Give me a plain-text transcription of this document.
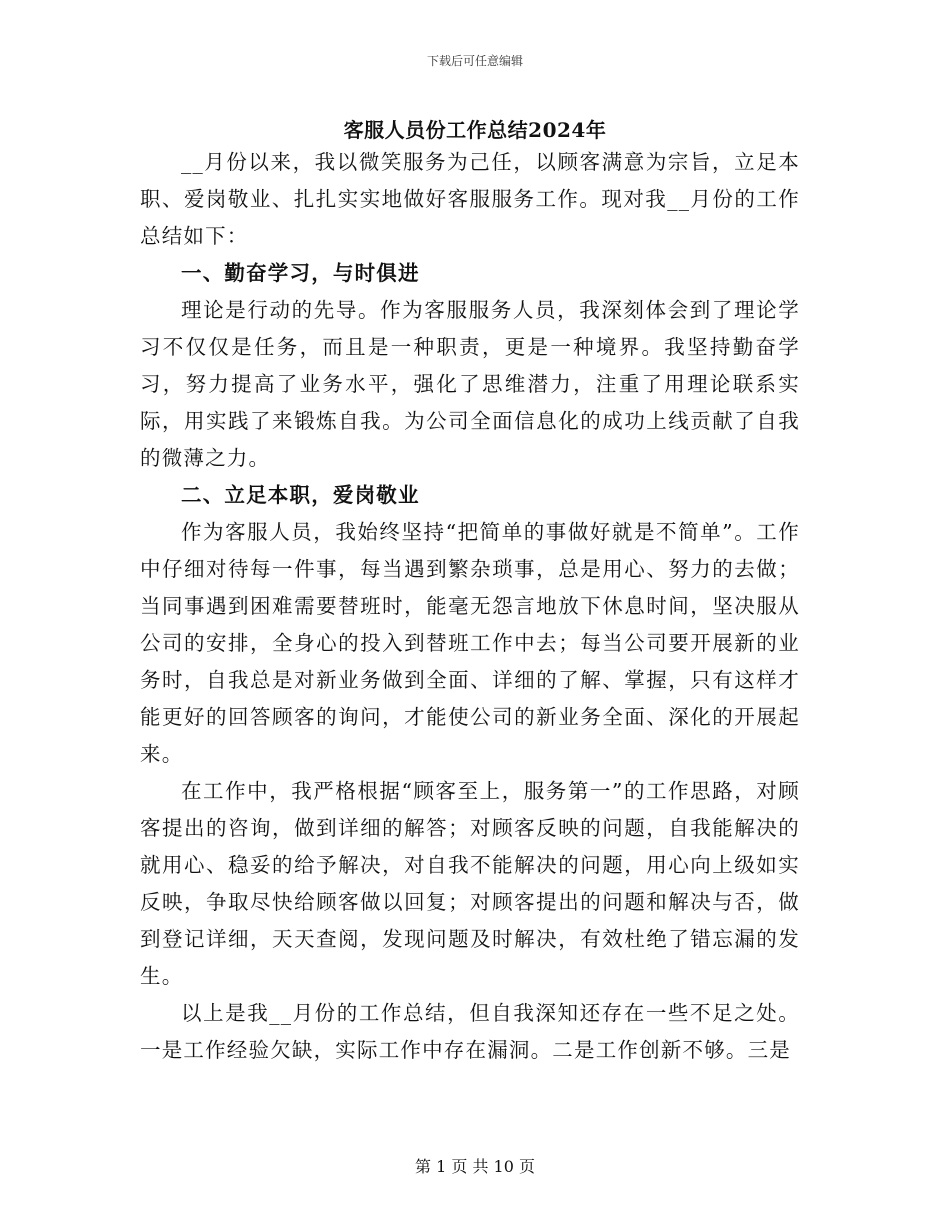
下载后可任意编辑
客服人员份工作总结2024年

__月份以来，我以微笑服务为己任，以顾客满意为宗旨，立足本职、爱岗敬业、扎扎实实地做好客服服务工作。现对我__月份的工作总结如下：

一、勤奋学习，与时俱进

理论是行动的先导。作为客服服务人员，我深刻体会到了理论学习不仅仅是任务，而且是一种职责，更是一种境界。我坚持勤奋学习，努力提高了业务水平，强化了思维潜力，注重了用理论联系实际，用实践了来锻炼自我。为公司全面信息化的成功上线贡献了自我的微薄之力。

二、立足本职，爱岗敬业

作为客服人员，我始终坚持“把简单的事做好就是不简单”。工作中仔细对待每一件事，每当遇到繁杂琐事，总是用心、努力的去做；当同事遇到困难需要替班时，能毫无怨言地放下休息时间，坚决服从公司的安排，全身心的投入到替班工作中去；每当公司要开展新的业务时，自我总是对新业务做到全面、详细的了解、掌握，只有这样才能更好的回答顾客的询问，才能使公司的新业务全面、深化的开展起来。

在工作中，我严格根据“顾客至上，服务第一”的工作思路，对顾客提出的咨询，做到详细的解答；对顾客反映的问题，自我能解决的就用心、稳妥的给予解决，对自我不能解决的问题，用心向上级如实反映，争取尽快给顾客做以回复；对顾客提出的问题和解决与否，做到登记详细，天天查阅，发现问题及时解决，有效杜绝了错忘漏的发生。

以上是我__月份的工作总结，但自我深知还存在一些不足之处。一是工作经验欠缺，实际工作中存在漏洞。二是工作创新不够。三是

第 1 页 共 10 页
